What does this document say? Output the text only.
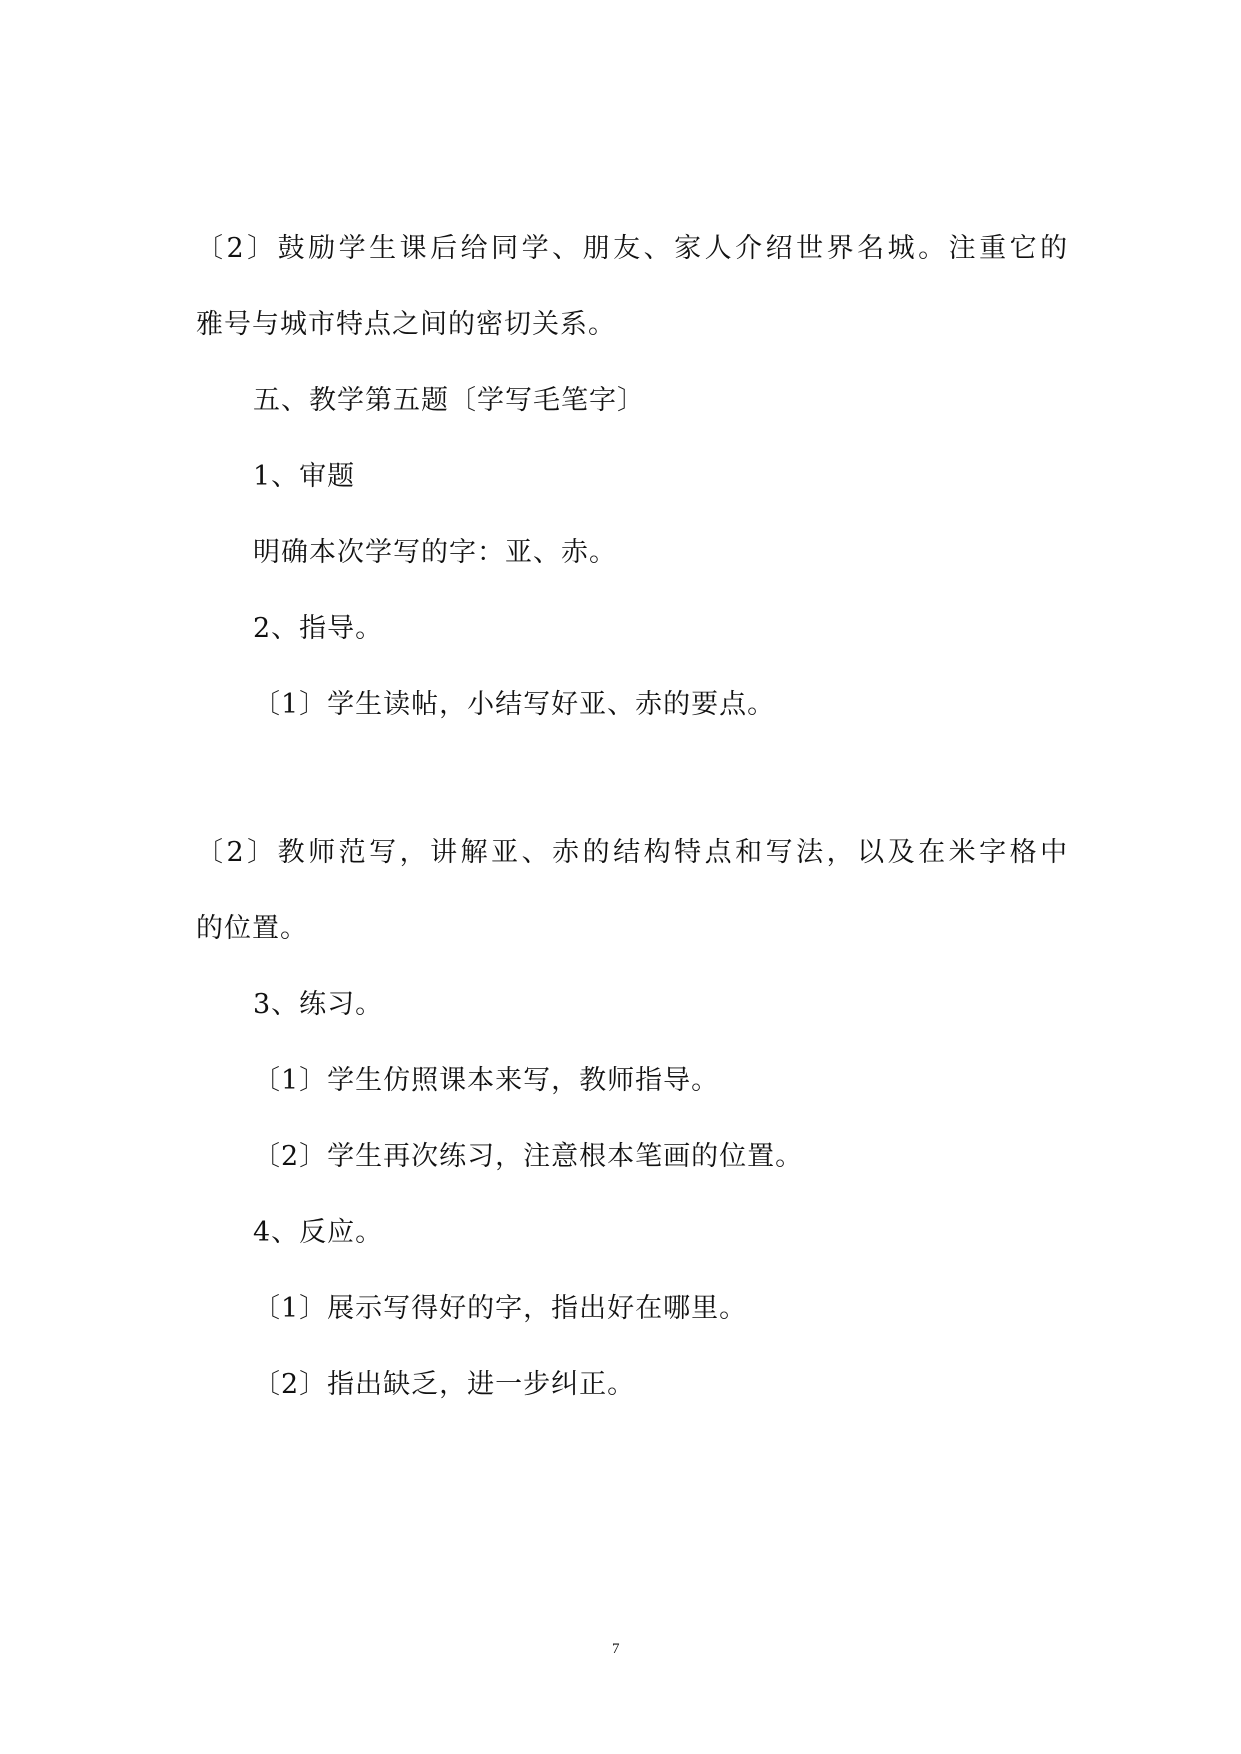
〔2〕鼓励学生课后给同学、朋友、家人介绍世界名城。注重它的
雅号与城市特点之间的密切关系。
五、教学第五题〔学写毛笔字〕
1、审题
明确本次学写的字：亚、赤。
2、指导。
〔1〕学生读帖，小结写好亚、赤的要点。
〔2〕教师范写，讲解亚、赤的结构特点和写法，以及在米字格中
的位置。
3、练习。
〔1〕学生仿照课本来写，教师指导。
〔2〕学生再次练习，注意根本笔画的位置。
4、反应。
〔1〕展示写得好的字，指出好在哪里。
〔2〕指出缺乏，进一步纠正。
7
